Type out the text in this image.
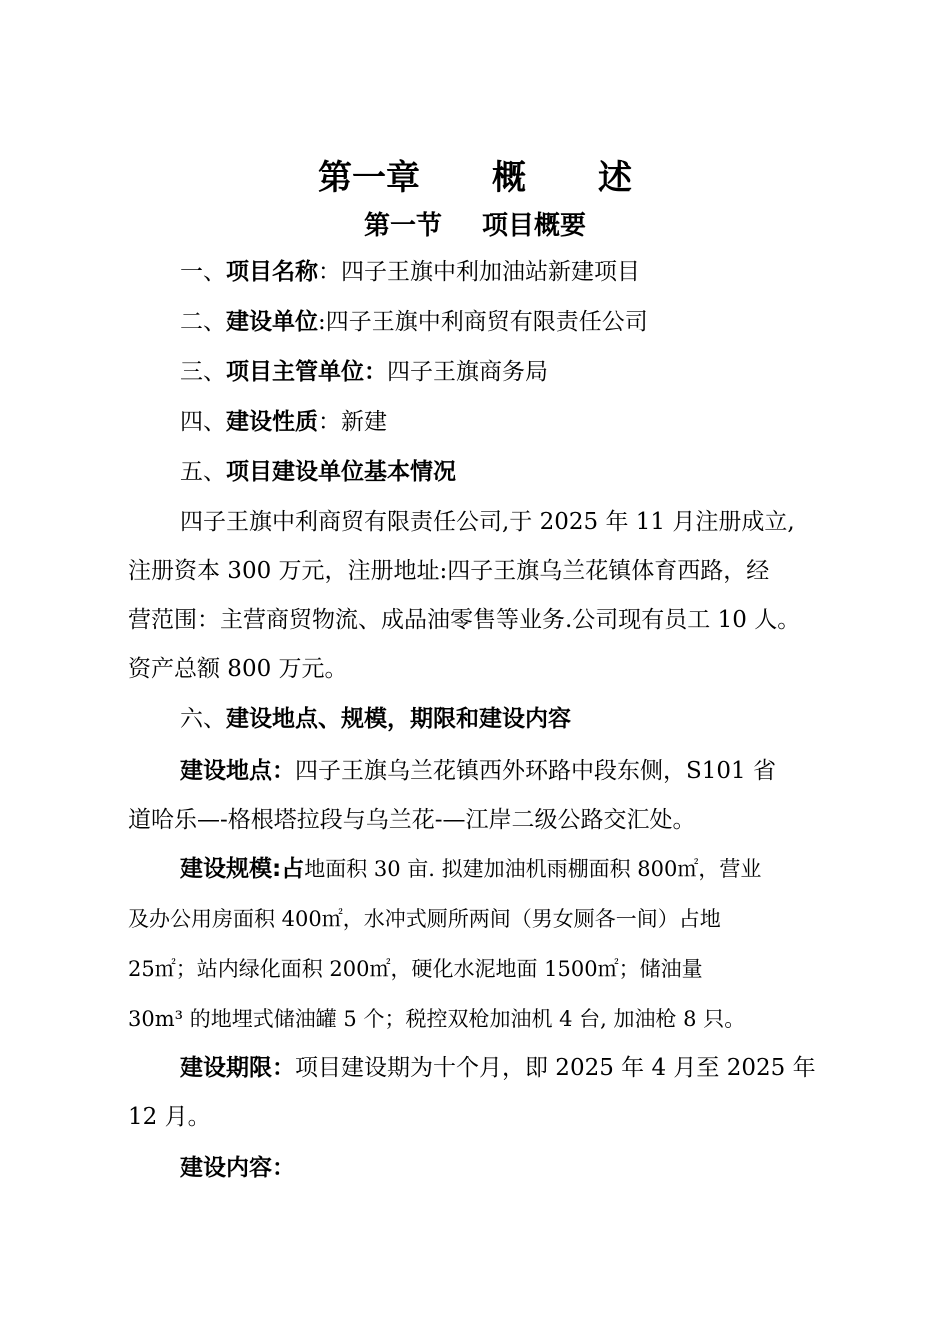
第一章 概 述
第一节 项目概要
一、项目名称：四子王旗中利加油站新建项目
二、建设单位:四子王旗中利商贸有限责任公司
三、项目主管单位：四子王旗商务局
四、建设性质：新建
五、项目建设单位基本情况
四子王旗中利商贸有限责任公司,于 2025 年 11 月注册成立,
注册资本 300 万元，注册地址:四子王旗乌兰花镇体育西路，经
营范围：主营商贸物流、成品油零售等业务.公司现有员工 10 人。
资产总额 800 万元。
六、建设地点、规模，期限和建设内容
建设地点：四子王旗乌兰花镇西外环路中段东侧，S101 省
道哈乐—-格根塔拉段与乌兰花-—江岸二级公路交汇处。
建设规模:占地面积 30 亩. 拟建加油机雨棚面积 800㎡，营业
及办公用房面积 400㎡，水冲式厕所两间（男女厕各一间）占地
25㎡；站内绿化面积 200㎡，硬化水泥地面 1500㎡；储油量
30m³ 的地埋式储油罐 5 个；税控双枪加油机 4 台, 加油枪 8 只。
建设期限：项目建设期为十个月，即 2025 年 4 月至 2025 年
12 月。
建设内容：
